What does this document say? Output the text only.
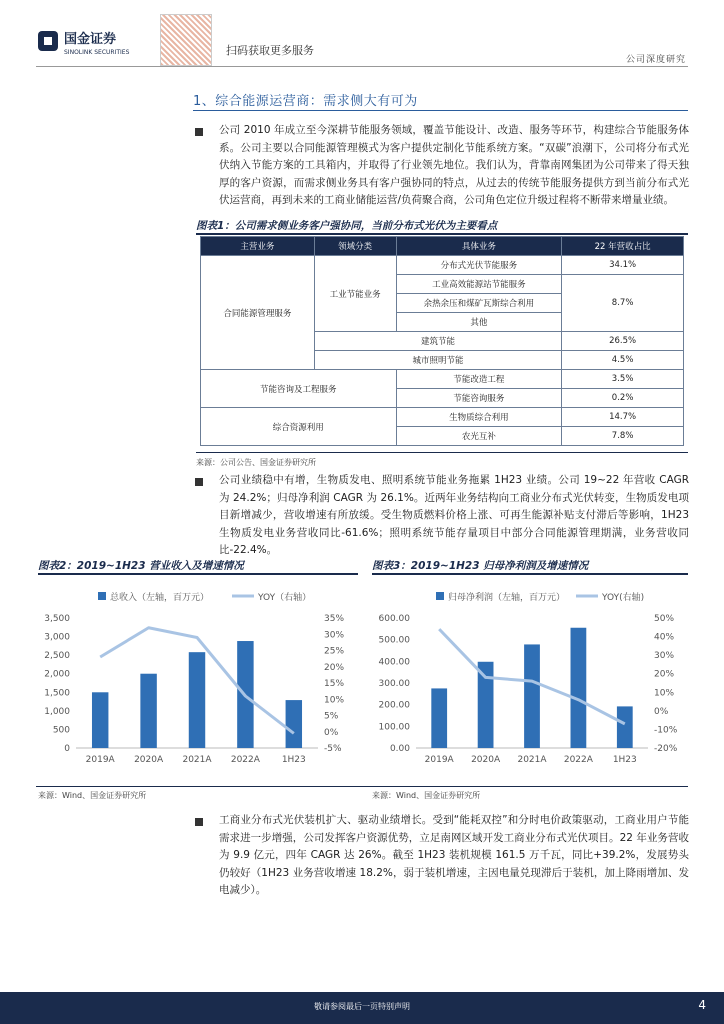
国金证券
SINOLINK SECURITIES	扫码获取更多服务
公司深度研究
1、综合能源运营商：需求侧大有可为
公司 2010 年成立至今深耕节能服务领域，覆盖节能设计、改造、服务等环节，构建综合节能服务体系。公司主要以合同能源管理模式为客户提供定制化节能系统方案。“双碳”浪潮下，公司将分布式光伏纳入节能方案的工具箱内，并取得了行业领先地位。我们认为，背靠南网集团为公司带来了得天独厚的客户资源，而需求侧业务具有客户强协同的特点，从过去的传统节能服务提供方到当前分布式光伏运营商，再到未来的工商业储能运营/负荷聚合商，公司角色定位升级过程将不断带来增量业绩。
图表1：公司需求侧业务客户强协同，当前分布式光伏为主要看点
主营业务	领域分类	具体业务	22 年营收占比
合同能源管理服务	工业节能业务	分布式光伏节能服务	34.1%
		工业高效能源站节能服务	8.7%
		余热余压和煤矿瓦斯综合利用	
		其他	
	建筑节能		26.5%
	城市照明节能		4.5%
节能咨询及工程服务		节能改造工程	3.5%
		节能咨询服务	0.2%
综合资源利用		生物质综合利用	14.7%
		农光互补	7.8%
来源：公司公告、国金证券研究所
公司业绩稳中有增，生物质发电、照明系统节能业务拖累 1H23 业绩。公司 19~22 年营收 CAGR 为 24.2%；归母净利润 CAGR 为 26.1%。近两年业务结构向工商业分布式光伏转变，生物质发电项目新增减少，营收增速有所放缓。受生物质燃料价格上涨、可再生能源补贴支付滞后等影响，1H23 生物质发电业务营收同比-61.6%；照明系统节能存量项目中部分合同能源管理期满，业务营收同比-22.4%。
图表2：2019~1H23 营业收入及增速情况	图表3：2019~1H23 归母净利润及增速情况
总收入（左轴，百万元）	YOY（右轴）
0
500
1,000
1,500
2,000
2,500
3,000
3,500
-5%
0%
5%
10%
15%
20%
25%
30%
35%
2019A 2020A 2021A 2022A 1H23
归母净利润（左轴，百万元）	YOY(右轴)
0.00
100.00
200.00
300.00
400.00
500.00
600.00
-20%
-10%
0%
10%
20%
30%
40%
50%
2019A 2020A 2021A 2022A 1H23
来源：Wind、国金证券研究所	来源：Wind、国金证券研究所
工商业分布式光伏装机扩大、驱动业绩增长。受到“能耗双控”和分时电价政策驱动，工商业用户节能需求进一步增强，公司发挥客户资源优势，立足南网区域开发工商业分布式光伏项目。22 年业务营收为 9.9 亿元，四年 CAGR 达 26%。截至 1H23 装机规模 161.5 万千瓦，同比+39.2%，发展势头仍较好（1H23 业务营收增速 18.2%，弱于装机增速，主因电量兑现滞后于装机，加上降雨增加、发电减少）。
敬请参阅最后一页特别声明	4
